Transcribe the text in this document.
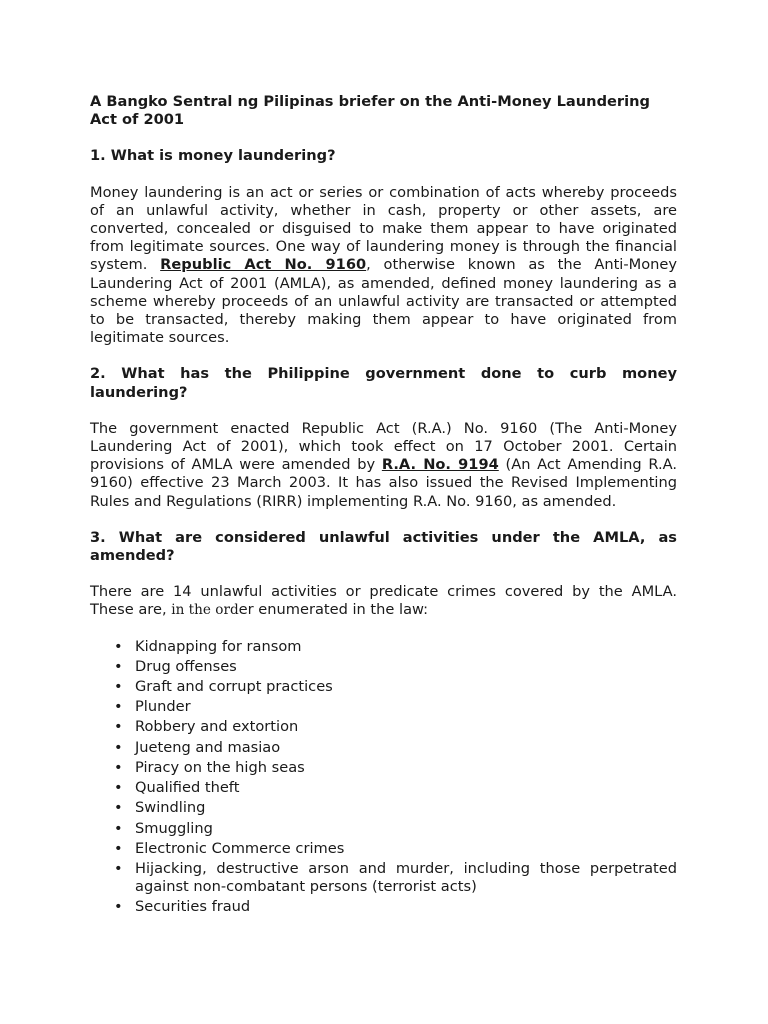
A Bangko Sentral ng Pilipinas briefer on the Anti-Money Laundering Act of 2001

1. What is money laundering?

Money laundering is an act or series or combination of acts whereby proceeds of an unlawful activity, whether in cash, property or other assets, are converted, concealed or disguised to make them appear to have originated from legitimate sources. One way of laundering money is through the financial system. Republic Act No. 9160, otherwise known as the Anti-Money Laundering Act of 2001 (AMLA), as amended, defined money laundering as a scheme whereby proceeds of an unlawful activity are transacted or attempted to be transacted, thereby making them appear to have originated from legitimate sources.

2. What has the Philippine government done to curb money laundering?

The government enacted Republic Act (R.A.) No. 9160 (The Anti-Money Laundering Act of 2001), which took effect on 17 October 2001. Certain provisions of AMLA were amended by R.A. No. 9194 (An Act Amending R.A. 9160) effective 23 March 2003. It has also issued the Revised Implementing Rules and Regulations (RIRR) implementing R.A. No. 9160, as amended.

3. What are considered unlawful activities under the AMLA, as amended?

There are 14 unlawful activities or predicate crimes covered by the AMLA. These are, in the order enumerated in the law:

• Kidnapping for ransom
• Drug offenses
• Graft and corrupt practices
• Plunder
• Robbery and extortion
• Jueteng and masiao
• Piracy on the high seas
• Qualified theft
• Swindling
• Smuggling
• Electronic Commerce crimes
• Hijacking, destructive arson and murder, including those perpetrated against non-combatant persons (terrorist acts)
• Securities fraud
